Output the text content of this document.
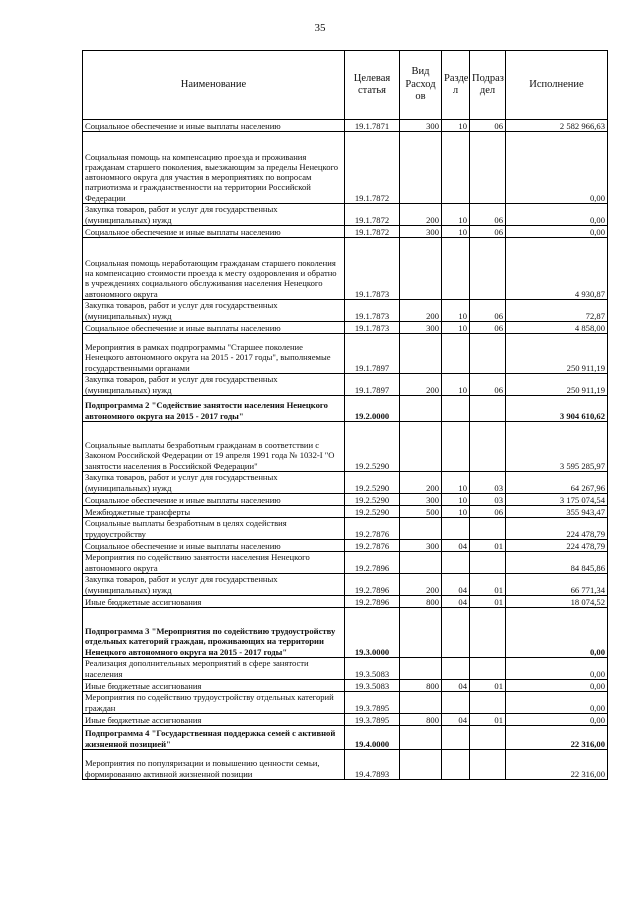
35
Наименование	Целевая статья	Вид Расход ов	Разде л	Подраз дел	Исполнение
Социальное обеспечение и иные выплаты населению	19.1.7871	300	10	06	2 582 966,63
Социальная помощь на компенсацию проезда и проживания гражданам старшего поколения, выезжающим за пределы Ненецкого автономного округа для участия в мероприятиях по вопросам патриотизма и гражданственности на территории Российской Федерации	19.1.7872				0,00
Закупка товаров, работ и услуг для государственных (муниципальных) нужд	19.1.7872	200	10	06	0,00
Социальное обеспечение и иные выплаты населению	19.1.7872	300	10	06	0,00
Социальная помощь неработающим гражданам старшего поколения на компенсацию стоимости проезда к месту оздоровления и обратно в учреждениях социального обслуживания населения Ненецкого автономного округа	19.1.7873				4 930,87
Закупка товаров, работ и услуг для государственных (муниципальных) нужд	19.1.7873	200	10	06	72,87
Социальное обеспечение и иные выплаты населению	19.1.7873	300	10	06	4 858,00
Мероприятия в рамках подпрограммы "Старшее поколение Ненецкого автономного округа на 2015 - 2017 годы", выполняемые государственными органами	19.1.7897				250 911,19
Закупка товаров, работ и услуг для государственных (муниципальных) нужд	19.1.7897	200	10	06	250 911,19
Подпрограмма 2 "Содействие занятости населения Ненецкого автономного округа на 2015 - 2017 годы"	19.2.0000				3 904 610,62
Социальные выплаты безработным гражданам в соответствии с Законом Российской Федерации от 19 апреля 1991 года № 1032-I "О занятости населения в Российской Федерации"	19.2.5290				3 595 285,97
Закупка товаров, работ и услуг для государственных (муниципальных) нужд	19.2.5290	200	10	03	64 267,96
Социальное обеспечение и иные выплаты населению	19.2.5290	300	10	03	3 175 074,54
Межбюджетные трансферты	19.2.5290	500	10	06	355 943,47
Социальные выплаты безработным в целях содействия трудоустройству	19.2.7876				224 478,79
Социальное обеспечение и иные выплаты населению	19.2.7876	300	04	01	224 478,79
Мероприятия по содействию занятости населения Ненецкого автономного округа	19.2.7896				84 845,86
Закупка товаров, работ и услуг для государственных (муниципальных) нужд	19.2.7896	200	04	01	66 771,34
Иные бюджетные ассигнования	19.2.7896	800	04	01	18 074,52
Подпрограмма 3 "Мероприятия по содействию трудоустройству отдельных категорий граждан, проживающих на территории Ненецкого автономного округа на 2015 - 2017 годы"	19.3.0000				0,00
Реализация дополнительных мероприятий в сфере занятости населения	19.3.5083				0,00
Иные бюджетные ассигнования	19.3.5083	800	04	01	0,00
Мероприятия по содействию трудоустройству отдельных категорий граждан	19.3.7895				0,00
Иные бюджетные ассигнования	19.3.7895	800	04	01	0,00
Подпрограмма 4 "Государственная поддержка семей с активной жизненной позицией"	19.4.0000				22 316,00
Мероприятия по популяризации и повышению ценности семьи, формированию активной жизненной позиции	19.4.7893				22 316,00
